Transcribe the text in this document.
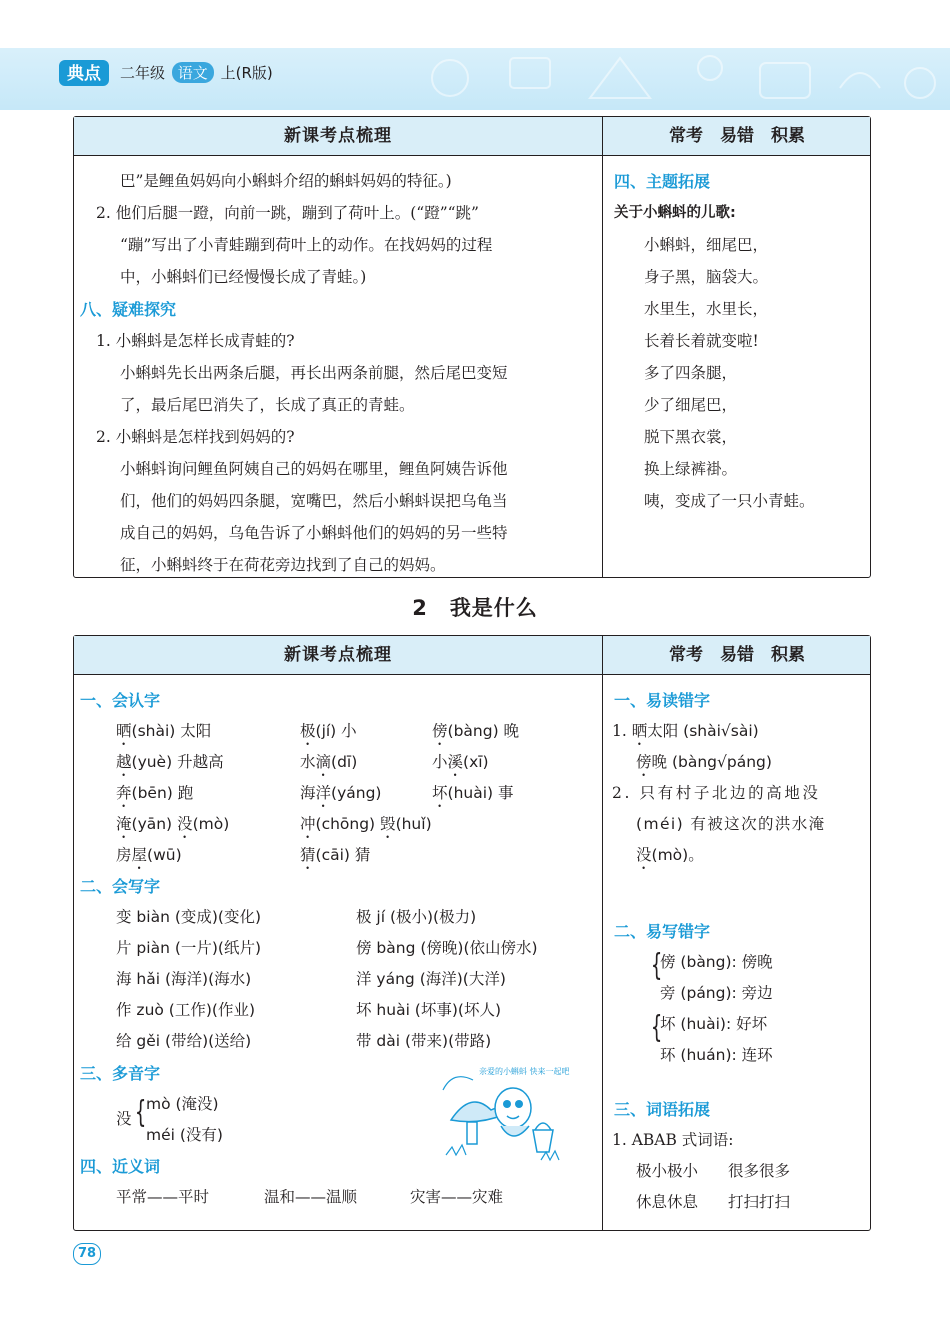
典点 二年级 语文 上(R版)
新课考点梳理	常考　易错　积累
巴”是鲤鱼妈妈向小蝌蚪介绍的蝌蚪妈妈的特征。)
2. 他们后腿一蹬，向前一跳，蹦到了荷叶上。(“蹬”“跳”
“蹦”写出了小青蛙蹦到荷叶上的动作。在找妈妈的过程
中，小蝌蚪们已经慢慢长成了青蛙。)
八、疑难探究
1. 小蝌蚪是怎样长成青蛙的?
小蝌蚪先长出两条后腿，再长出两条前腿，然后尾巴变短
了，最后尾巴消失了，长成了真正的青蛙。
2. 小蝌蚪是怎样找到妈妈的?
小蝌蚪询问鲤鱼阿姨自己的妈妈在哪里，鲤鱼阿姨告诉他
们，他们的妈妈四条腿，宽嘴巴，然后小蝌蚪误把乌龟当
成自己的妈妈，乌龟告诉了小蝌蚪他们的妈妈的另一些特
征，小蝌蚪终于在荷花旁边找到了自己的妈妈。
四、主题拓展
关于小蝌蚪的儿歌:
小蝌蚪，细尾巴，
身子黑，脑袋大。
水里生，水里长，
长着长着就变啦!
多了四条腿，
少了细尾巴，
脱下黑衣裳，
换上绿裤褂。
咦，变成了一只小青蛙。
2 我是什么
新课考点梳理	常考　易错　积累
一、会认字
晒(shài) 太阳	极(jí) 小	傍(bàng) 晚
越(yuè) 升越高	水滴(dī)	小溪(xī)
奔(bēn) 跑	海洋(yáng)	坏(huài) 事
淹(yān) 没(mò)	冲(chōng) 毁(huǐ)
房屋(wū)	猜(cāi) 猜
二、会写字
变 biàn (变成)(变化)	极 jí (极小)(极力)
片 piàn (一片)(纸片)	傍 bàng (傍晚)(依山傍水)
海 hǎi (海洋)(海水)	洋 yáng (海洋)(大洋)
作 zuò (工作)(作业)	坏 huài (坏事)(坏人)
给 gěi (带给)(送给)	带 dài (带来)(带路)
三、多音字
没 { mò (淹没)
méi (没有)
亲爱的小蝌蚪 快来一起吧
四、近义词
平常——平时	温和——温顺	灾害——灾难
一、易读错字
1. 晒太阳 (shài√sài)
傍晚 (bàng√páng)
2. 只有村子北边的高地没
(méi) 有被这次的洪水淹
没(mò)。
二、易写错字
{
傍 (bàng): 傍晚
旁 (páng): 旁边
{
坏 (huài): 好坏
环 (huán): 连环
三、词语拓展
1. ABAB 式词语:
极小极小 很多很多
休息休息 打扫打扫
78
